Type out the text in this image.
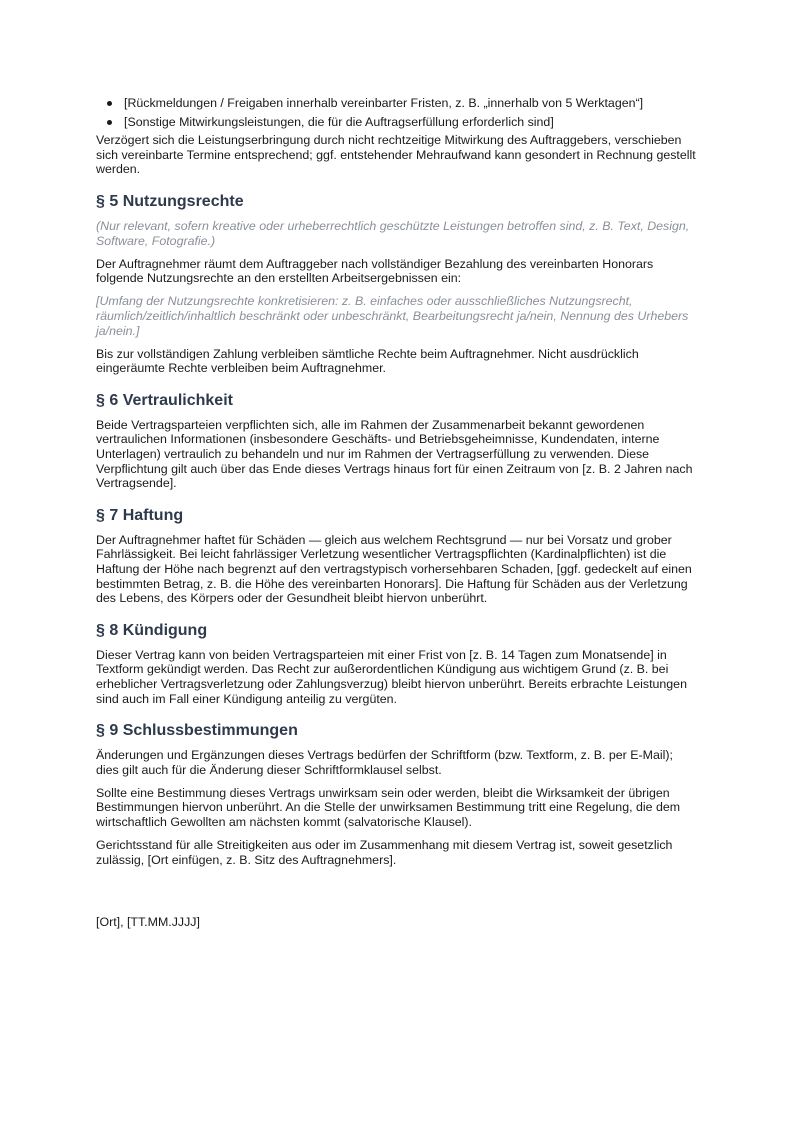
[Rückmeldungen / Freigaben innerhalb vereinbarter Fristen, z. B. „innerhalb von 5 Werktagen“]
[Sonstige Mitwirkungsleistungen, die für die Auftragserfüllung erforderlich sind]

Verzögert sich die Leistungserbringung durch nicht rechtzeitige Mitwirkung des Auftraggebers, verschieben sich vereinbarte Termine entsprechend; ggf. entstehender Mehraufwand kann gesondert in Rechnung gestellt werden.

§ 5 Nutzungsrechte

(Nur relevant, sofern kreative oder urheberrechtlich geschützte Leistungen betroffen sind, z. B. Text, Design, Software, Fotografie.)

Der Auftragnehmer räumt dem Auftraggeber nach vollständiger Bezahlung des vereinbarten Honorars folgende Nutzungsrechte an den erstellten Arbeitsergebnissen ein:

[Umfang der Nutzungsrechte konkretisieren: z. B. einfaches oder ausschließliches Nutzungsrecht, räumlich/zeitlich/inhaltlich beschränkt oder unbeschränkt, Bearbeitungsrecht ja/nein, Nennung des Urhebers ja/nein.]

Bis zur vollständigen Zahlung verbleiben sämtliche Rechte beim Auftragnehmer. Nicht ausdrücklich eingeräumte Rechte verbleiben beim Auftragnehmer.

§ 6 Vertraulichkeit

Beide Vertragsparteien verpflichten sich, alle im Rahmen der Zusammenarbeit bekannt gewordenen vertraulichen Informationen (insbesondere Geschäfts- und Betriebsgeheimnisse, Kundendaten, interne Unterlagen) vertraulich zu behandeln und nur im Rahmen der Vertragserfüllung zu verwenden. Diese Verpflichtung gilt auch über das Ende dieses Vertrags hinaus fort für einen Zeitraum von [z. B. 2 Jahren nach Vertragsende].

§ 7 Haftung

Der Auftragnehmer haftet für Schäden — gleich aus welchem Rechtsgrund — nur bei Vorsatz und grober Fahrlässigkeit. Bei leicht fahrlässiger Verletzung wesentlicher Vertragspflichten (Kardinalpflichten) ist die Haftung der Höhe nach begrenzt auf den vertragstypisch vorhersehbaren Schaden, [ggf. gedeckelt auf einen bestimmten Betrag, z. B. die Höhe des vereinbarten Honorars]. Die Haftung für Schäden aus der Verletzung des Lebens, des Körpers oder der Gesundheit bleibt hiervon unberührt.

§ 8 Kündigung

Dieser Vertrag kann von beiden Vertragsparteien mit einer Frist von [z. B. 14 Tagen zum Monatsende] in Textform gekündigt werden. Das Recht zur außerordentlichen Kündigung aus wichtigem Grund (z. B. bei erheblicher Vertragsverletzung oder Zahlungsverzug) bleibt hiervon unberührt. Bereits erbrachte Leistungen sind auch im Fall einer Kündigung anteilig zu vergüten.

§ 9 Schlussbestimmungen

Änderungen und Ergänzungen dieses Vertrags bedürfen der Schriftform (bzw. Textform, z. B. per E-Mail); dies gilt auch für die Änderung dieser Schriftformklausel selbst.

Sollte eine Bestimmung dieses Vertrags unwirksam sein oder werden, bleibt die Wirksamkeit der übrigen Bestimmungen hiervon unberührt. An die Stelle der unwirksamen Bestimmung tritt eine Regelung, die dem wirtschaftlich Gewollten am nächsten kommt (salvatorische Klausel).

Gerichtsstand für alle Streitigkeiten aus oder im Zusammenhang mit diesem Vertrag ist, soweit gesetzlich zulässig, [Ort einfügen, z. B. Sitz des Auftragnehmers].

[Ort], [TT.MM.JJJJ]
